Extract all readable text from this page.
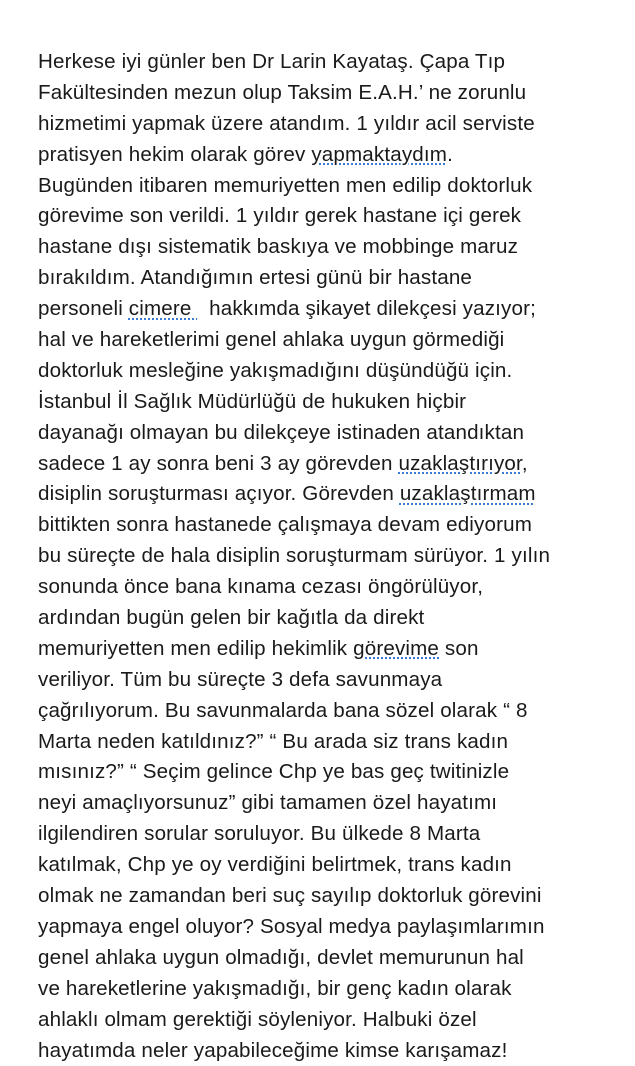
Herkese iyi günler ben Dr Larin Kayataş. Çapa Tıp
Fakültesinden mezun olup Taksim E.A.H.’ ne zorunlu
hizmetimi yapmak üzere atandım. 1 yıldır acil serviste
pratisyen hekim olarak görev yapmaktaydım.
Bugünden itibaren memuriyetten men edilip doktorluk
görevime son verildi. 1 yıldır gerek hastane içi gerek
hastane dışı sistematik baskıya ve mobbinge maruz
bırakıldım. Atandığımın ertesi günü bir hastane
personeli cimere   hakkımda şikayet dilekçesi yazıyor;
hal ve hareketlerimi genel ahlaka uygun görmediği
doktorluk mesleğine yakışmadığını düşündüğü için.
İstanbul İl Sağlık Müdürlüğü de hukuken hiçbir
dayanağı olmayan bu dilekçeye istinaden atandıktan
sadece 1 ay sonra beni 3 ay görevden uzaklaştırıyor,
disiplin soruşturması açıyor. Görevden uzaklaştırmam
bittikten sonra hastanede çalışmaya devam ediyorum
bu süreçte de hala disiplin soruşturmam sürüyor. 1 yılın
sonunda önce bana kınama cezası öngörülüyor,
ardından bugün gelen bir kağıtla da direkt
memuriyetten men edilip hekimlik görevime son
veriliyor. Tüm bu süreçte 3 defa savunmaya
çağrılıyorum. Bu savunmalarda bana sözel olarak “ 8
Marta neden katıldınız?” “ Bu arada siz trans kadın
mısınız?” “ Seçim gelince Chp ye bas geç twitinizle
neyi amaçlıyorsunuz” gibi tamamen özel hayatımı
ilgilendiren sorular soruluyor. Bu ülkede 8 Marta
katılmak, Chp ye oy verdiğini belirtmek, trans kadın
olmak ne zamandan beri suç sayılıp doktorluk görevini
yapmaya engel oluyor? Sosyal medya paylaşımlarımın
genel ahlaka uygun olmadığı, devlet memurunun hal
ve hareketlerine yakışmadığı, bir genç kadın olarak
ahlaklı olmam gerektiği söyleniyor. Halbuki özel
hayatımda neler yapabileceğime kimse karışamaz!
